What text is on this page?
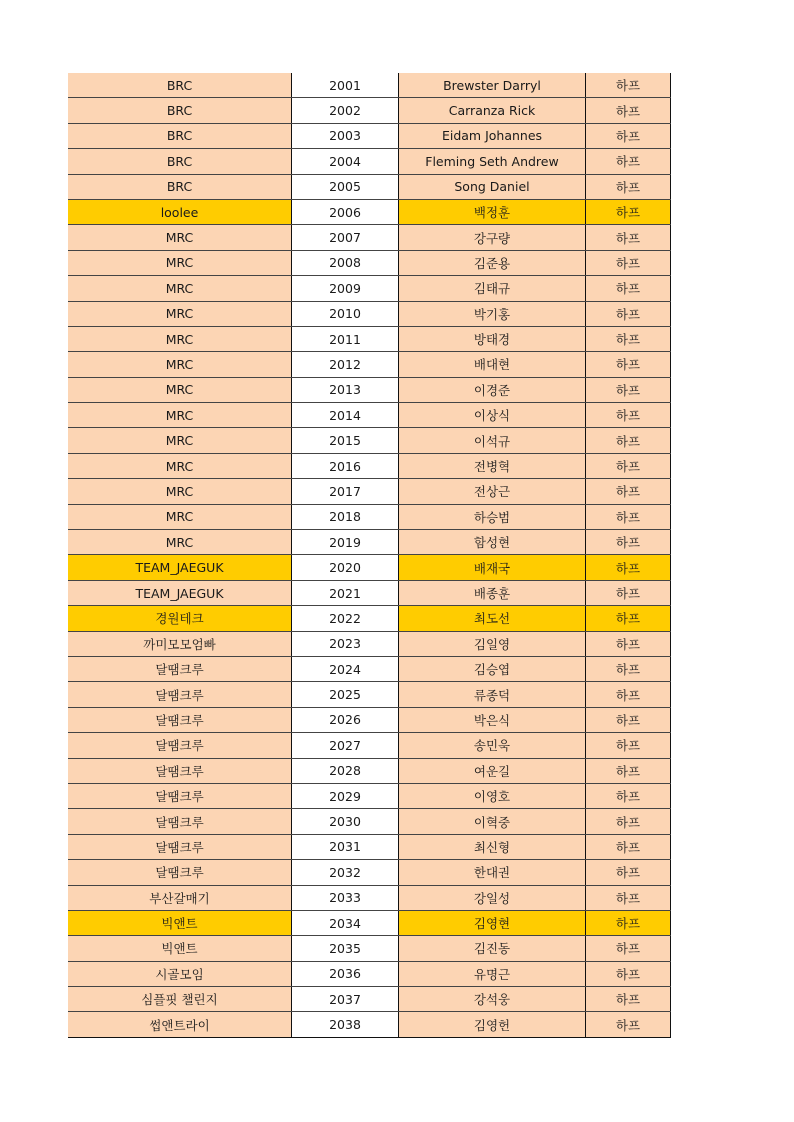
BRC	2001	Brewster Darryl	하프
BRC	2002	Carranza Rick	하프
BRC	2003	Eidam Johannes	하프
BRC	2004	Fleming Seth Andrew	하프
BRC	2005	Song Daniel	하프
loolee	2006	백정훈	하프
MRC	2007	강구량	하프
MRC	2008	김준용	하프
MRC	2009	김태규	하프
MRC	2010	박기홍	하프
MRC	2011	방태경	하프
MRC	2012	배대현	하프
MRC	2013	이경준	하프
MRC	2014	이상식	하프
MRC	2015	이석규	하프
MRC	2016	전병혁	하프
MRC	2017	전상근	하프
MRC	2018	하승범	하프
MRC	2019	함성현	하프
TEAM_JAEGUK	2020	배재국	하프
TEAM_JAEGUK	2021	배종훈	하프
경원테크	2022	최도선	하프
까미모모엄빠	2023	김일영	하프
달땜크루	2024	김승엽	하프
달땜크루	2025	류종덕	하프
달땜크루	2026	박은식	하프
달땜크루	2027	송민욱	하프
달땜크루	2028	여운길	하프
달땜크루	2029	이영호	하프
달땜크루	2030	이혁중	하프
달땜크루	2031	최신형	하프
달땜크루	2032	한대권	하프
부산갈매기	2033	강일성	하프
빅앤트	2034	김영현	하프
빅앤트	2035	김진동	하프
시골모임	2036	유명근	하프
심플핏 챌린지	2037	강석웅	하프
썹앤트라이	2038	김영헌	하프
